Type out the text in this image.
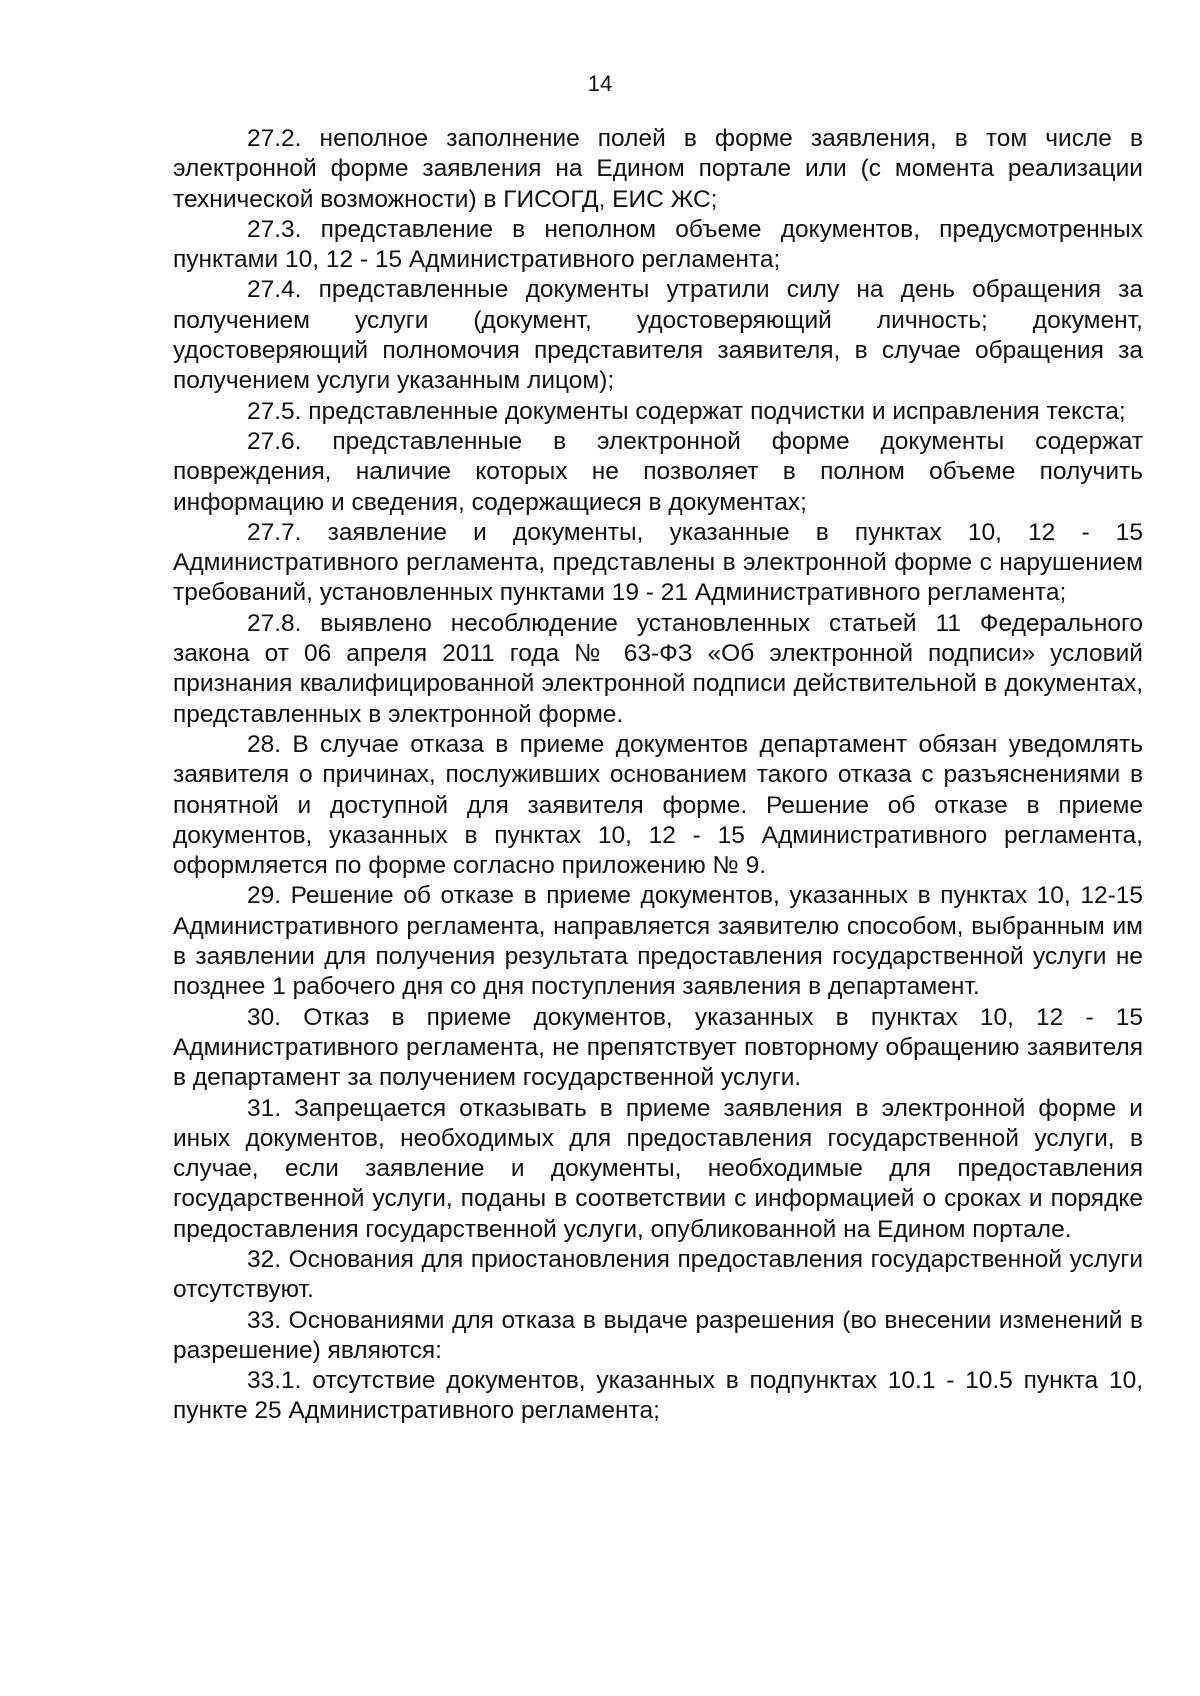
14

27.2. неполное заполнение полей в форме заявления, в том числе в электронной форме заявления на Едином портале или (с момента реализации технической возможности) в ГИСОГД, ЕИС ЖС;

27.3. представление в неполном объеме документов, предусмотренных пунктами 10, 12 - 15 Административного регламента;

27.4. представленные документы утратили силу на день обращения за получением услуги (документ, удостоверяющий личность; документ, удостоверяющий полномочия представителя заявителя, в случае обращения за получением услуги указанным лицом);

27.5. представленные документы содержат подчистки и исправления текста;

27.6. представленные в электронной форме документы содержат повреждения, наличие которых не позволяет в полном объеме получить информацию и сведения, содержащиеся в документах;

27.7. заявление и документы, указанные в пунктах 10, 12 - 15 Административного регламента, представлены в электронной форме с нарушением требований, установленных пунктами 19 - 21 Административного регламента;

27.8. выявлено несоблюдение установленных статьей 11 Федерального закона от 06 апреля 2011 года № 63-ФЗ «Об электронной подписи» условий признания квалифицированной электронной подписи действительной в документах, представленных в электронной форме.

28. В случае отказа в приеме документов департамент обязан уведомлять заявителя о причинах, послуживших основанием такого отказа с разъяснениями в понятной и доступной для заявителя форме. Решение об отказе в приеме документов, указанных в пунктах 10, 12 - 15 Административного регламента, оформляется по форме согласно приложению № 9.

29. Решение об отказе в приеме документов, указанных в пунктах 10, 12-15 Административного регламента, направляется заявителю способом, выбранным им в заявлении для получения результата предоставления государственной услуги не позднее 1 рабочего дня со дня поступления заявления в департамент.

30. Отказ в приеме документов, указанных в пунктах 10, 12 - 15 Административного регламента, не препятствует повторному обращению заявителя в департамент за получением государственной услуги.

31. Запрещается отказывать в приеме заявления в электронной форме и иных документов, необходимых для предоставления государственной услуги, в случае, если заявление и документы, необходимые для предоставления государственной услуги, поданы в соответствии с информацией о сроках и порядке предоставления государственной услуги, опубликованной на Едином портале.

32. Основания для приостановления предоставления государственной услуги отсутствуют.

33. Основаниями для отказа в выдаче разрешения (во внесении изменений в разрешение) являются:

33.1. отсутствие документов, указанных в подпунктах 10.1 - 10.5 пункта 10, пункте 25 Административного регламента;
